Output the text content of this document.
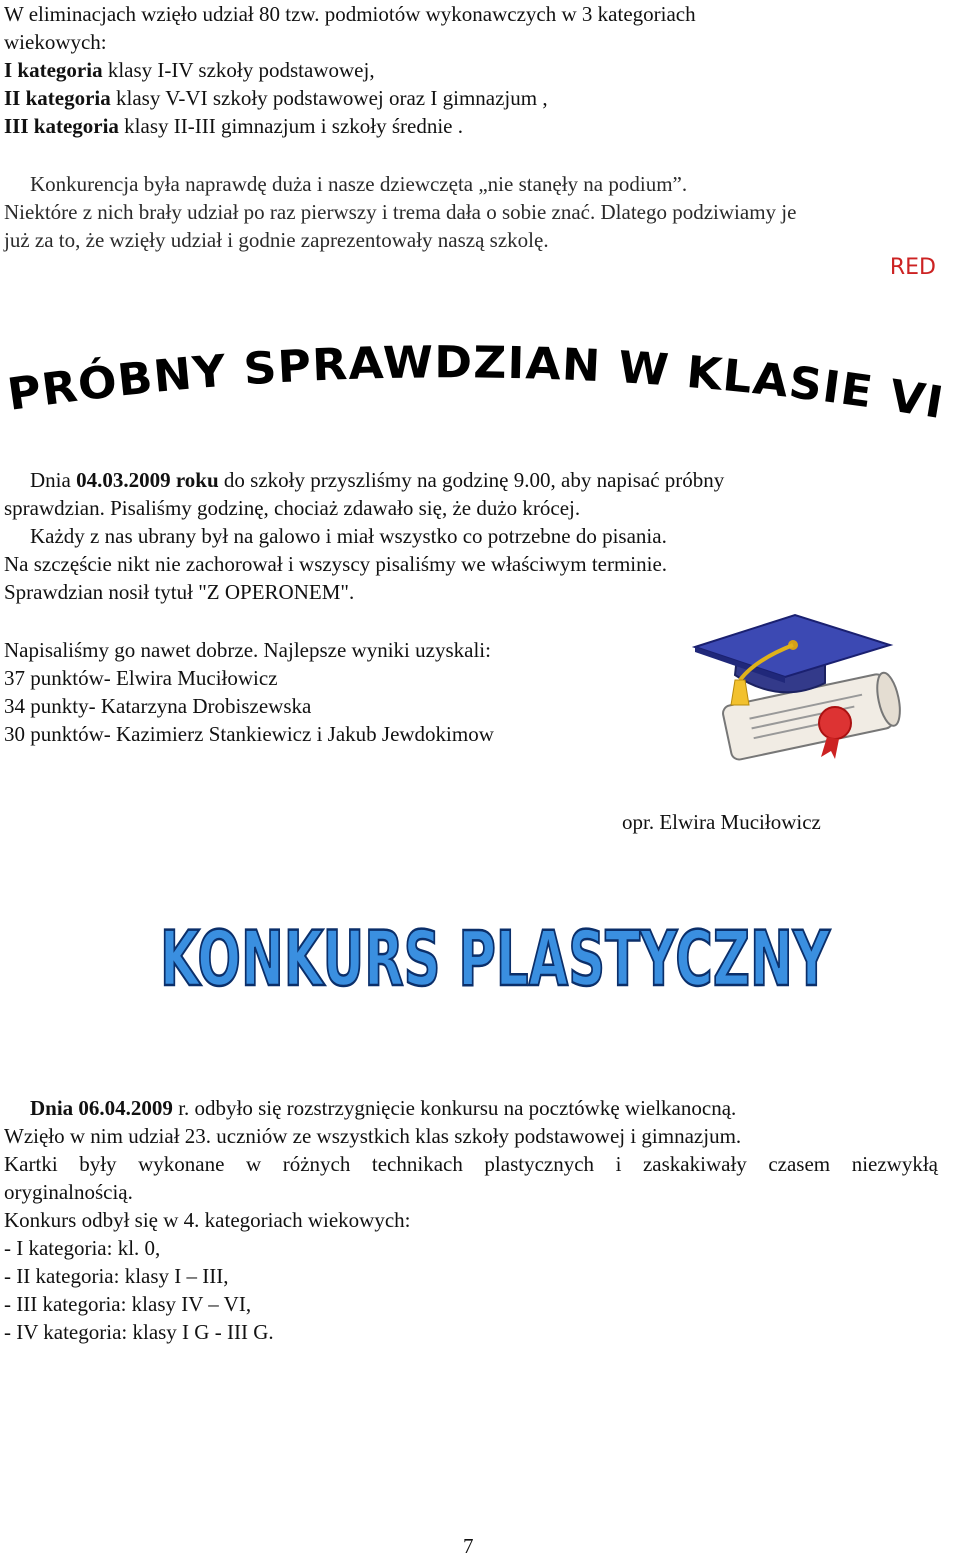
W eliminacjach wzięło udział 80 tzw. podmiotów wykonawczych w 3 kategoriach
wiekowych:
I kategoria klasy I-IV szkoły podstawowej,
II kategoria klasy V-VI szkoły podstawowej oraz I gimnazjum ,
III kategoria klasy II-III gimnazjum i szkoły średnie .
Konkurencja była naprawdę duża i nasze dziewczęta „nie stanęły na podium”.
Niektóre z nich brały udział po raz pierwszy i trema dała o sobie znać. Dlatego podziwiamy je
już za to, że wzięły udział i godnie zaprezentowały naszą szkolę.
RED
PRÓBNY SPRAWDZIAN W KLASIE VI
Dnia 04.03.2009 roku do szkoły przyszliśmy na godzinę 9.00, aby napisać próbny
sprawdzian. Pisaliśmy godzinę, chociaż zdawało się, że dużo krócej.
Każdy z nas ubrany był na galowo i miał wszystko co potrzebne do pisania.
Na szczęście nikt nie zachorował i wszyscy pisaliśmy we właściwym terminie.
Sprawdzian nosił tytuł "Z OPERONEM".
Napisaliśmy go nawet dobrze. Najlepsze wyniki uzyskali:
37 punktów- Elwira Muciłowicz
34 punkty- Katarzyna Drobiszewska
30 punktów- Kazimierz Stankiewicz i Jakub Jewdokimow
opr. Elwira Muciłowicz
KONKURS PLASTYCZNY
Dnia 06.04.2009 r. odbyło się rozstrzygnięcie konkursu na pocztówkę wielkanocną.
Wzięło w nim udział 23. uczniów ze wszystkich klas szkoły podstawowej i gimnazjum.
Kartki były wykonane w różnych technikach plastycznych i zaskakiwały czasem niezwykłą
oryginalnością.
Konkurs odbył się w 4. kategoriach wiekowych:
- I kategoria: kl. 0,
- II kategoria: klasy I – III,
- III kategoria: klasy IV – VI,
- IV kategoria: klasy I G - III G.
7
